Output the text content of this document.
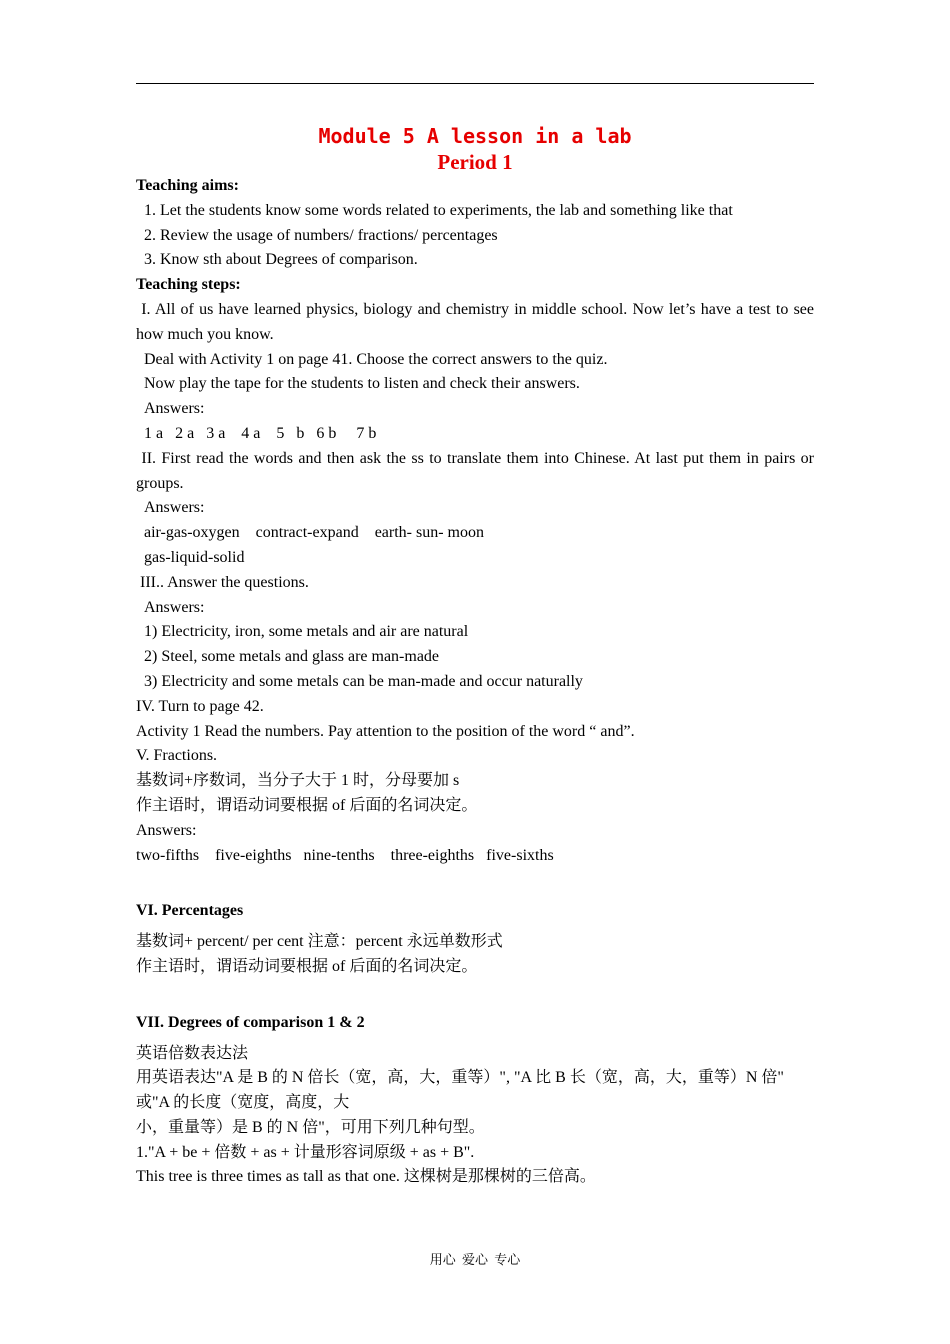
Module 5 A lesson in a lab
Period 1

Teaching aims:

1. Let the students know some words related to experiments, the lab and something like that

2. Review the usage of numbers/ fractions/ percentages

3. Know sth about Degrees of comparison.

Teaching steps:

I. All of us have learned physics, biology and chemistry in middle school. Now let’s have a test to see how much you know.

Deal with Activity 1 on page 41. Choose the correct answers to the quiz.

Now play the tape for the students to listen and check their answers.

Answers:

1 a   2 a   3 a    4 a    5   b   6 b     7 b

II. First read the words and then ask the ss to translate them into Chinese. At last put them in pairs or groups.

Answers:

air-gas-oxygen    contract-expand    earth- sun- moon

gas-liquid-solid

III.. Answer the questions.

Answers:

1) Electricity, iron, some metals and air are natural

2) Steel, some metals and glass are man-made

3) Electricity and some metals can be man-made and occur naturally

IV. Turn to page 42.

Activity 1 Read the numbers. Pay attention to the position of the word “ and”.

V. Fractions.

基数词+序数词，当分子大于 1 时，分母要加 s

作主语时，谓语动词要根据 of 后面的名词决定。

Answers:

two-fifths    five-eighths   nine-tenths    three-eighths   five-sixths

VI. Percentages

基数词+ percent/ per cent 注意：percent 永远单数形式

作主语时，谓语动词要根据 of 后面的名词决定。

VII. Degrees of comparison 1 & 2

英语倍数表达法

用英语表达"A 是 B 的 N 倍长（宽，高，大，重等）", "A 比 B 长（宽，高，大，重等）N 倍" 或"A 的长度（宽度，高度，大

小，重量等）是 B 的 N 倍"，可用下列几种句型。

1."A + be + 倍数 + as + 计量形容词原级 + as + B".

This tree is three times as tall as that one. 这棵树是那棵树的三倍高。

用心 爱心 专心
